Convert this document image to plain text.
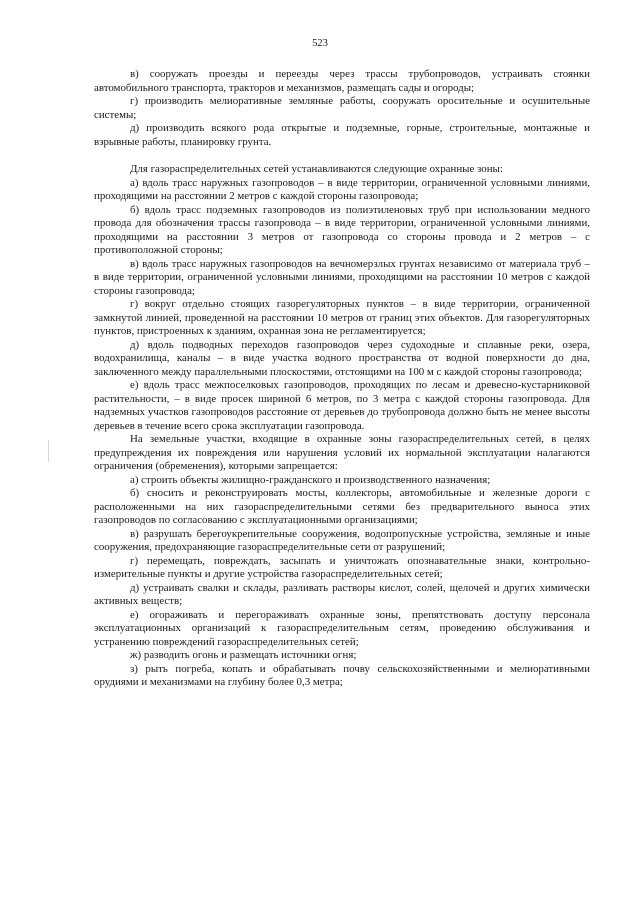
523

в) сооружать проезды и переезды через трассы трубопроводов, устраивать стоянки автомобильного транспорта, тракторов и механизмов, размещать сады и огороды;

г) производить мелиоративные земляные работы, сооружать оросительные и осушительные системы;

д) производить всякого рода открытые и подземные, горные, строительные, монтажные и взрывные работы, планировку грунта.

Для газораспределительных сетей устанавливаются следующие охранные зоны:

а) вдоль трасс наружных газопроводов – в виде территории, ограниченной условными линиями, проходящими на расстоянии 2 метров с каждой стороны газопровода;

б) вдоль трасс подземных газопроводов из полиэтиленовых труб при использовании медного провода для обозначения трассы газопровода – в виде территории, ограниченной условными линиями, проходящими на расстоянии 3 метров от газопровода со стороны провода и 2 метров – с противоположной стороны;

в) вдоль трасс наружных газопроводов на вечномерзлых грунтах независимо от материала труб – в виде территории, ограниченной условными линиями, проходящими на расстоянии 10 метров с каждой стороны газопровода;

г) вокруг отдельно стоящих газорегуляторных пунктов – в виде территории, ограниченной замкнутой линией, проведенной на расстоянии 10 метров от границ этих объектов. Для газорегуляторных пунктов, пристроенных к зданиям, охранная зона не регламентируется;

д) вдоль подводных переходов газопроводов через судоходные и сплавные реки, озера, водохранилища, каналы – в виде участка водного пространства от водной поверхности до дна, заключенного между параллельными плоскостями, отстоящими на 100 м с каждой стороны газопровода;

е) вдоль трасс межпоселковых газопроводов, проходящих по лесам и древесно-кустарниковой растительности, – в виде просек шириной 6 метров, по 3 метра с каждой стороны газопровода. Для надземных участков газопроводов расстояние от деревьев до трубопровода должно быть не менее высоты деревьев в течение всего срока эксплуатации газопровода.

На земельные участки, входящие в охранные зоны газораспределительных сетей, в целях предупреждения их повреждения или нарушения условий их нормальной эксплуатации налагаются ограничения (обременения), которыми запрещается:

а) строить объекты жилищно-гражданского и производственного назначения;

б) сносить и реконструировать мосты, коллекторы, автомобильные и железные дороги с расположенными на них газораспределительными сетями без предварительного выноса этих газопроводов по согласованию с эксплуатационными организациями;

в) разрушать берегоукрепительные сооружения, водопропускные устройства, земляные и иные сооружения, предохраняющие газораспределительные сети от разрушений;

г) перемещать, повреждать, засыпать и уничтожать опознавательные знаки, контрольно-измерительные пункты и другие устройства газораспределительных сетей;

д) устраивать свалки и склады, разливать растворы кислот, солей, щелочей и других химически активных веществ;

е) огораживать и перегораживать охранные зоны, препятствовать доступу персонала эксплуатационных организаций к газораспределительным сетям, проведению обслуживания и устранению повреждений газораспределительных сетей;

ж) разводить огонь и размещать источники огня;

з) рыть погреба, копать и обрабатывать почву сельскохозяйственными и мелиоративными орудиями и механизмами на глубину более 0,3 метра;
